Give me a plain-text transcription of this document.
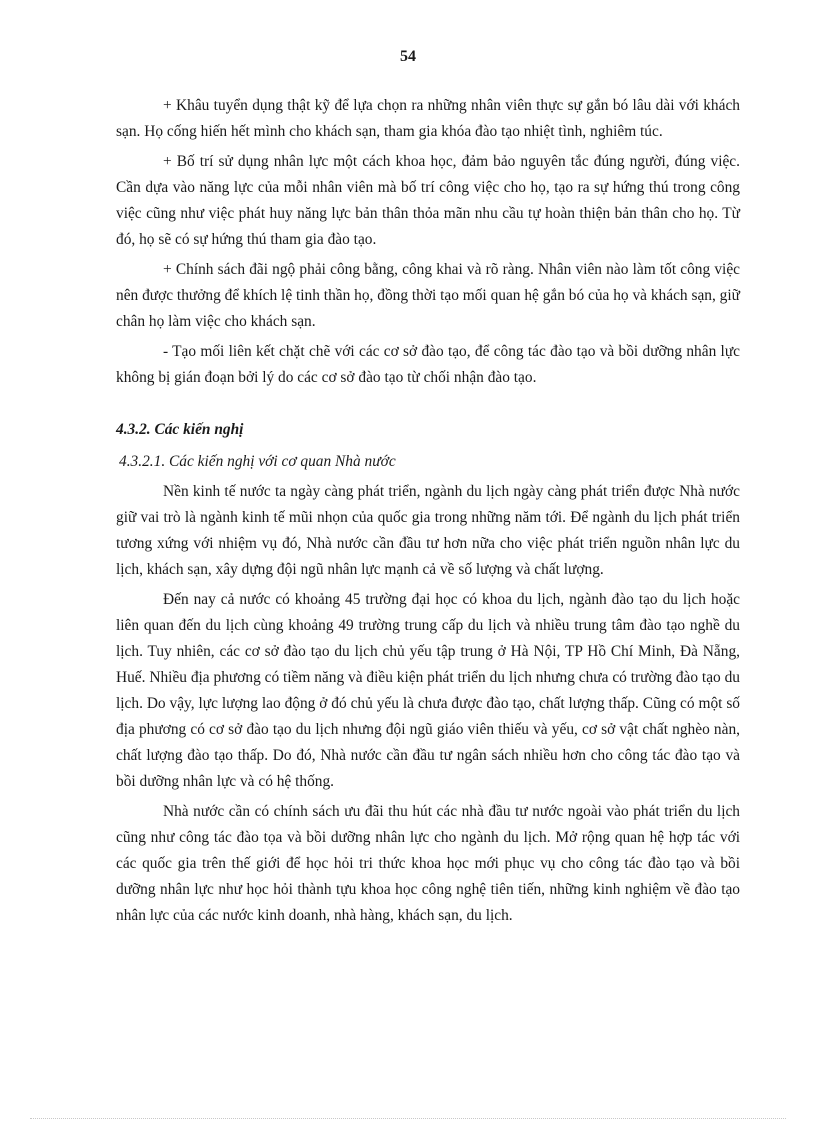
54

+ Khâu tuyển dụng thật kỹ để lựa chọn ra những nhân viên thực sự gắn bó lâu dài với khách sạn. Họ cống hiến hết mình cho khách sạn, tham gia khóa đào tạo nhiệt tình, nghiêm túc.

+ Bố trí sử dụng nhân lực một cách khoa học, đảm bảo nguyên tắc đúng người, đúng việc. Cần dựa vào năng lực của mỗi nhân viên mà bố trí công việc cho họ, tạo ra sự hứng thú trong công việc cũng như việc phát huy năng lực bản thân thỏa mãn nhu cầu tự hoàn thiện bản thân cho họ. Từ đó, họ sẽ có sự hứng thú tham gia đào tạo.

+ Chính sách đãi ngộ phải công bằng, công khai và rõ ràng. Nhân viên nào làm tốt công việc nên được thưởng để khích lệ tinh thần họ, đồng thời tạo mối quan hệ gắn bó của họ và khách sạn, giữ chân họ làm việc cho khách sạn.

- Tạo mối liên kết chặt chẽ với các cơ sở đào tạo, để công tác đào tạo và bồi dưỡng nhân lực không bị gián đoạn bởi lý do các cơ sở đào tạo từ chối nhận đào tạo.

4.3.2. Các kiến nghị
4.3.2.1. Các kiến nghị với cơ quan Nhà nước

Nền kinh tế nước ta ngày càng phát triển, ngành du lịch ngày càng phát triển được Nhà nước giữ vai trò là ngành kinh tế mũi nhọn của quốc gia trong những năm tới. Để ngành du lịch phát triển tương xứng với nhiệm vụ đó, Nhà nước cần đầu tư hơn nữa cho việc phát triển nguồn nhân lực du lịch, khách sạn, xây dựng đội ngũ nhân lực mạnh cả về số lượng và chất lượng.

Đến nay cả nước có khoảng 45 trường đại học có khoa du lịch, ngành đào tạo du lịch hoặc liên quan đến du lịch cùng khoảng 49 trường trung cấp du lịch và nhiều trung tâm đào tạo nghề du lịch. Tuy nhiên, các cơ sở đào tạo du lịch chủ yếu tập trung ở Hà Nội, TP Hồ Chí Minh, Đà Nẵng, Huế. Nhiều địa phương có tiềm năng và điều kiện phát triển du lịch nhưng chưa có trường đào tạo du lịch. Do vậy, lực lượng lao động ở đó chủ yếu là chưa được đào tạo, chất lượng thấp. Cũng có một số địa phương có cơ sở đào tạo du lịch nhưng đội ngũ giáo viên thiếu và yếu, cơ sở vật chất nghèo nàn, chất lượng đào tạo thấp. Do đó, Nhà nước cần đầu tư ngân sách nhiều hơn cho công tác đào tạo và bồi dưỡng nhân lực và có hệ thống.

Nhà nước cần có chính sách ưu đãi thu hút các nhà đầu tư nước ngoài vào phát triển du lịch cũng như công tác đào tọa và bồi dưỡng nhân lực cho ngành du lịch. Mở rộng quan hệ hợp tác với các quốc gia trên thế giới để học hỏi tri thức khoa học mới phục vụ cho công tác đào tạo và bồi dưỡng nhân lực như học hỏi thành tựu khoa học công nghệ tiên tiến, những kinh nghiệm về đào tạo nhân lực của các nước kinh doanh, nhà hàng, khách sạn, du lịch.
